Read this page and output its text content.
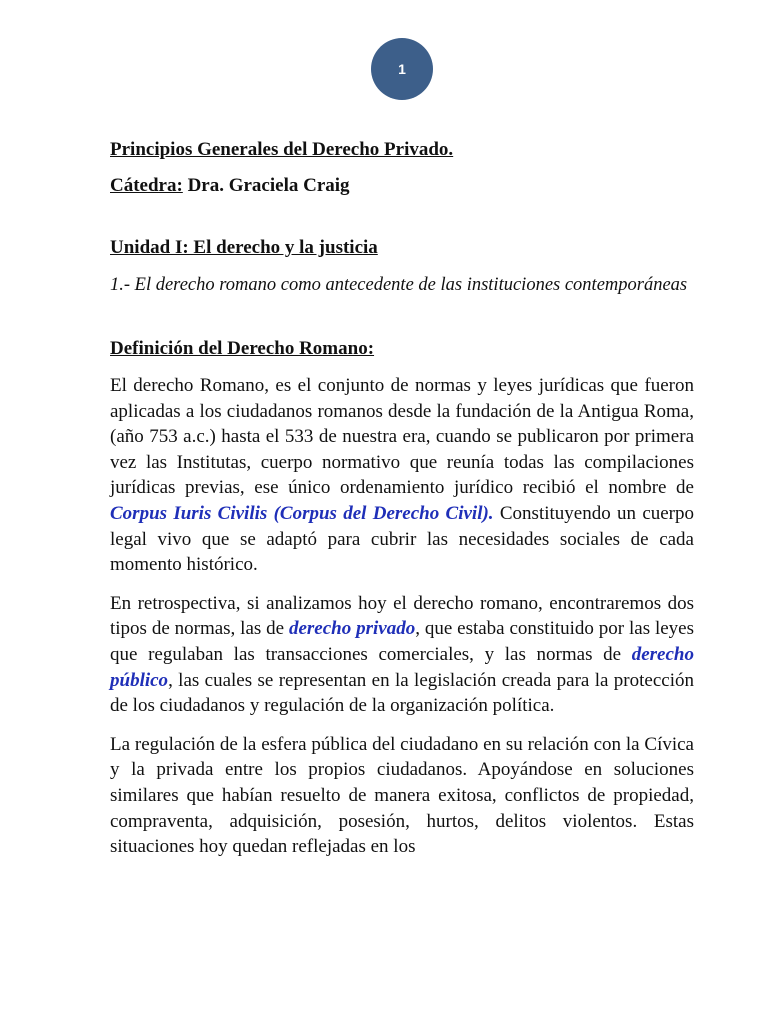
1

Principios Generales del Derecho Privado.

Cátedra: Dra. Graciela Craig

Unidad I: El derecho y la justicia

1.- El derecho romano como antecedente de las instituciones contemporáneas

Definición del Derecho Romano:

El derecho Romano, es el conjunto de normas y leyes jurídicas que fueron aplicadas a los ciudadanos romanos desde la fundación de la Antigua Roma, (año 753 a.c.) hasta el 533 de nuestra era, cuando se publicaron por primera vez las Institutas, cuerpo normativo que reunía todas las compilaciones jurídicas previas, ese único ordenamiento jurídico recibió el nombre de Corpus Iuris Civilis (Corpus del Derecho Civil). Constituyendo un cuerpo legal vivo que se adaptó para cubrir las necesidades sociales de cada momento histórico.

En retrospectiva, si analizamos hoy el derecho romano, encontraremos dos tipos de normas, las de derecho privado, que estaba constituido por las leyes que regulaban las transacciones comerciales, y las normas de derecho público, las cuales se representan en la legislación creada para la protección de los ciudadanos y regulación de la organización política.

La regulación de la esfera pública del ciudadano en su relación con la Cívica y la privada entre los propios ciudadanos. Apoyándose en soluciones similares que habían resuelto de manera exitosa, conflictos de propiedad, compraventa, adquisición, posesión, hurtos, delitos violentos. Estas situaciones hoy quedan reflejadas en los
